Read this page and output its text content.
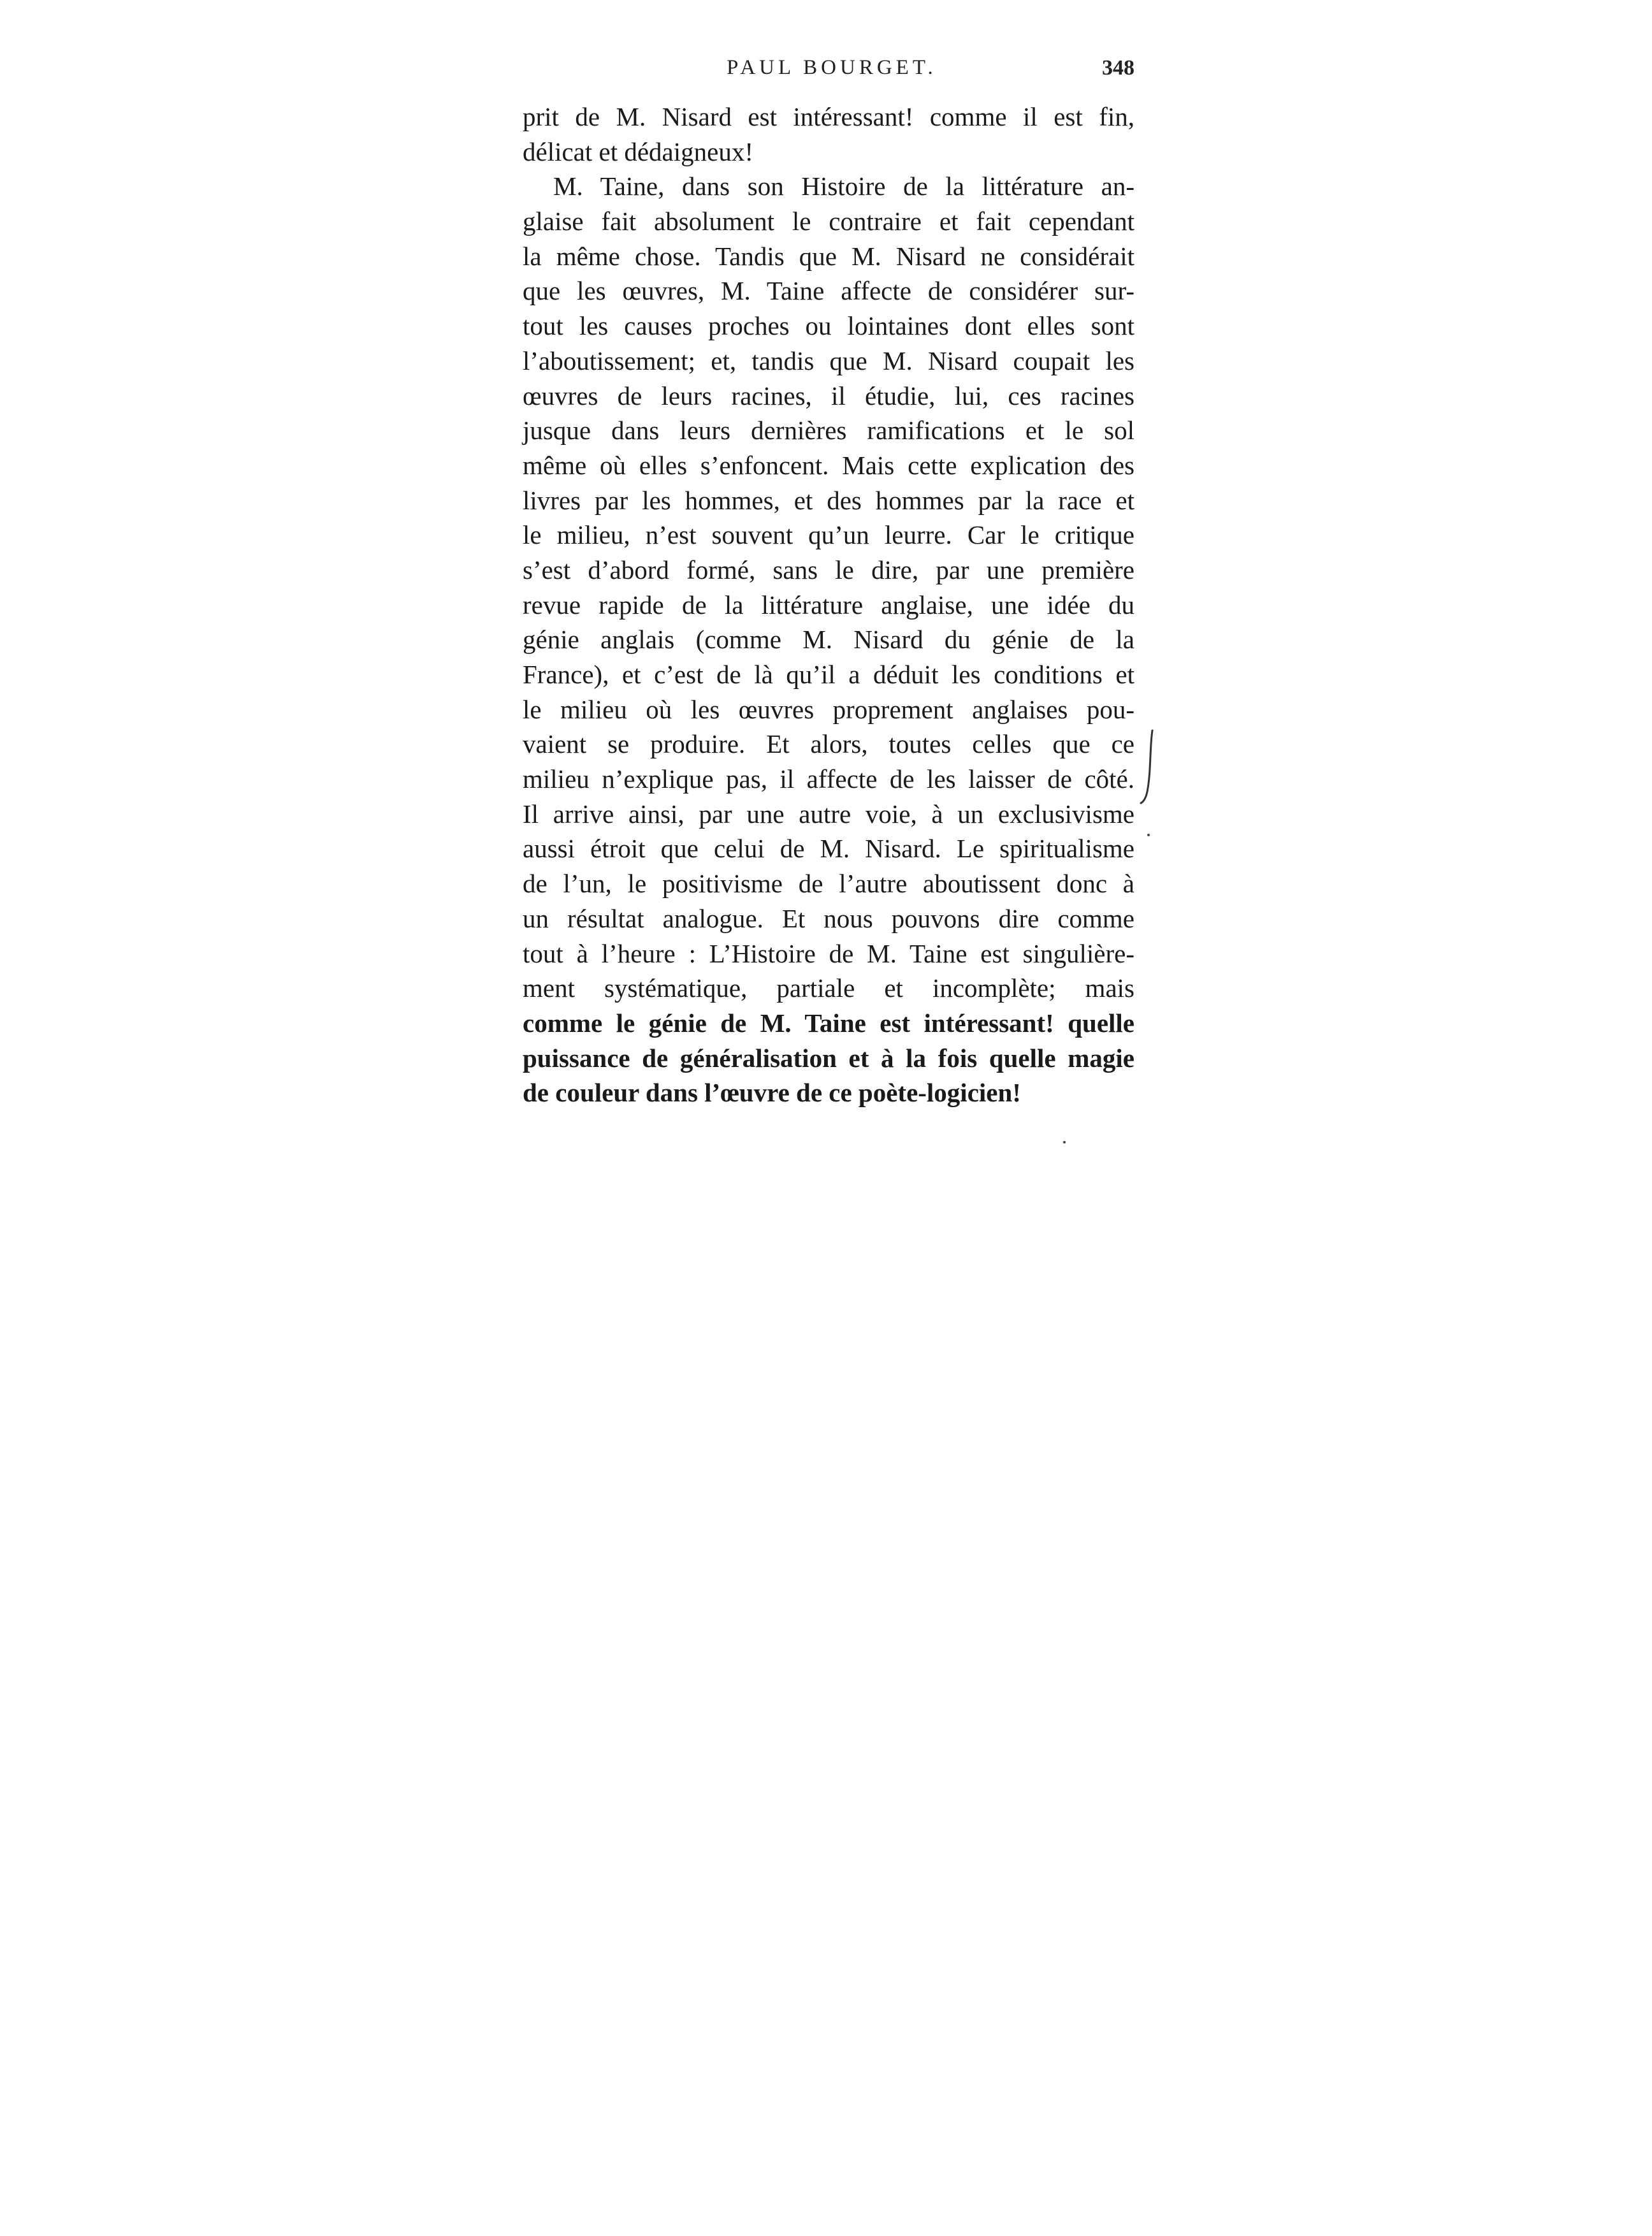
PAUL BOURGET.	348
prit de M. Nisard est intéressant! comme il est fin,
délicat et dédaigneux!
M. Taine, dans son Histoire de la littérature an-
glaise fait absolument le contraire et fait cependant
la même chose. Tandis que M. Nisard ne considérait
que les œuvres, M. Taine affecte de considérer sur-
tout les causes proches ou lointaines dont elles sont
l’aboutissement; et, tandis que M. Nisard coupait les
œuvres de leurs racines, il étudie, lui, ces racines
jusque dans leurs dernières ramifications et le sol
même où elles s’enfoncent. Mais cette explication des
livres par les hommes, et des hommes par la race et
le milieu, n’est souvent qu’un leurre. Car le critique
s’est d’abord formé, sans le dire, par une première
revue rapide de la littérature anglaise, une idée du
génie anglais (comme M. Nisard du génie de la
France), et c’est de là qu’il a déduit les conditions et
le milieu où les œuvres proprement anglaises pou-
vaient se produire. Et alors, toutes celles que ce
milieu n’explique pas, il affecte de les laisser de côté.
Il arrive ainsi, par une autre voie, à un exclusivisme
aussi étroit que celui de M. Nisard. Le spiritualisme
de l’un, le positivisme de l’autre aboutissent donc à
un résultat analogue. Et nous pouvons dire comme
tout à l’heure : L’Histoire de M. Taine est singulière-
ment systématique, partiale et incomplète; mais
comme le génie de M. Taine est intéressant! quelle
puissance de généralisation et à la fois quelle magie
de couleur dans l’œuvre de ce poète-logicien!
